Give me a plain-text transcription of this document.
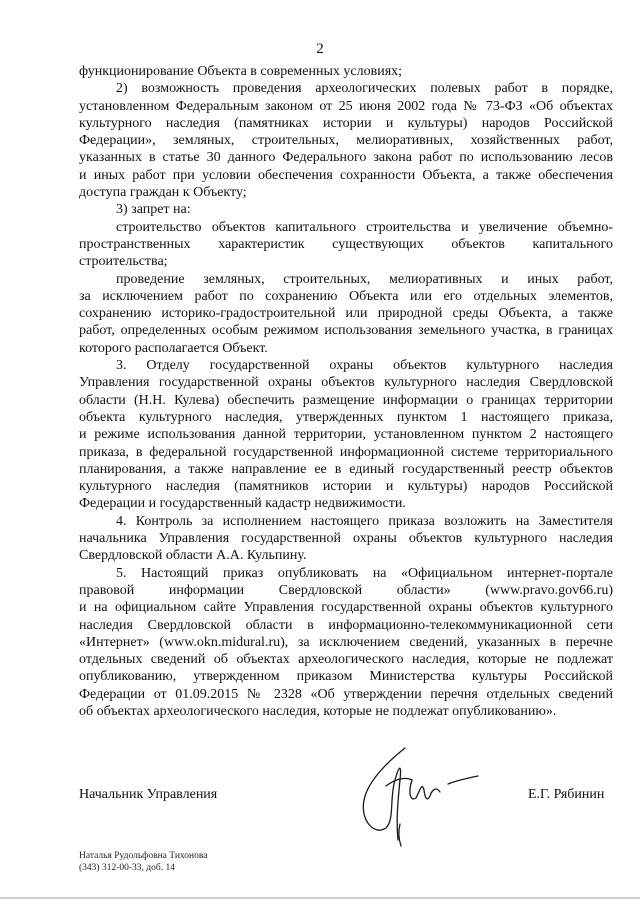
2
функционирование Объекта в современных условиях;
2) возможность проведения археологических полевых работ в порядке,
установленном Федеральным законом от 25 июня 2002 года № 73-ФЗ «Об объектах
культурного наследия (памятниках истории и культуры) народов Российской
Федерации», земляных, строительных, мелиоративных, хозяйственных работ,
указанных в статье 30 данного Федерального закона работ по использованию лесов
и иных работ при условии обеспечения сохранности Объекта, а также обеспечения
доступа граждан к Объекту;
3) запрет на:
строительство объектов капитального строительства и увеличение объемно-
пространственных характеристик существующих объектов капитального
строительства;
проведение земляных, строительных, мелиоративных и иных работ,
за исключением работ по сохранению Объекта или его отдельных элементов,
сохранению историко-градостроительной или природной среды Объекта, а также
работ, определенных особым режимом использования земельного участка, в границах
которого располагается Объект.
3. Отделу государственной охраны объектов культурного наследия
Управления государственной охраны объектов культурного наследия Свердловской
области (Н.Н. Кулева) обеспечить размещение информации о границах территории
объекта культурного наследия, утвержденных пунктом 1 настоящего приказа,
и режиме использования данной территории, установленном пунктом 2 настоящего
приказа, в федеральной государственной информационной системе территориального
планирования, а также направление ее в единый государственный реестр объектов
культурного наследия (памятников истории и культуры) народов Российской
Федерации и государственный кадастр недвижимости.
4. Контроль за исполнением настоящего приказа возложить на Заместителя
начальника Управления государственной охраны объектов культурного наследия
Свердловской области А.А. Кульпину.
5. Настоящий приказ опубликовать на «Официальном интернет-портале
правовой информации Свердловской области» (www.pravo.gov66.ru)
и на официальном сайте Управления государственной охраны объектов культурного
наследия Свердловской области в информационно-телекоммуникационной сети
«Интернет» (www.okn.midural.ru), за исключением сведений, указанных в перечне
отдельных сведений об объектах археологического наследия, которые не подлежат
опубликованию, утвержденном приказом Министерства культуры Российской
Федерации от 01.09.2015 № 2328 «Об утверждении перечня отдельных сведений
об объектах археологического наследия, которые не подлежат опубликованию».
Начальник Управления	Е.Г. Рябинин
Наталья Рудольфовна Тихонова
(343) 312-00-33, доб. 14
